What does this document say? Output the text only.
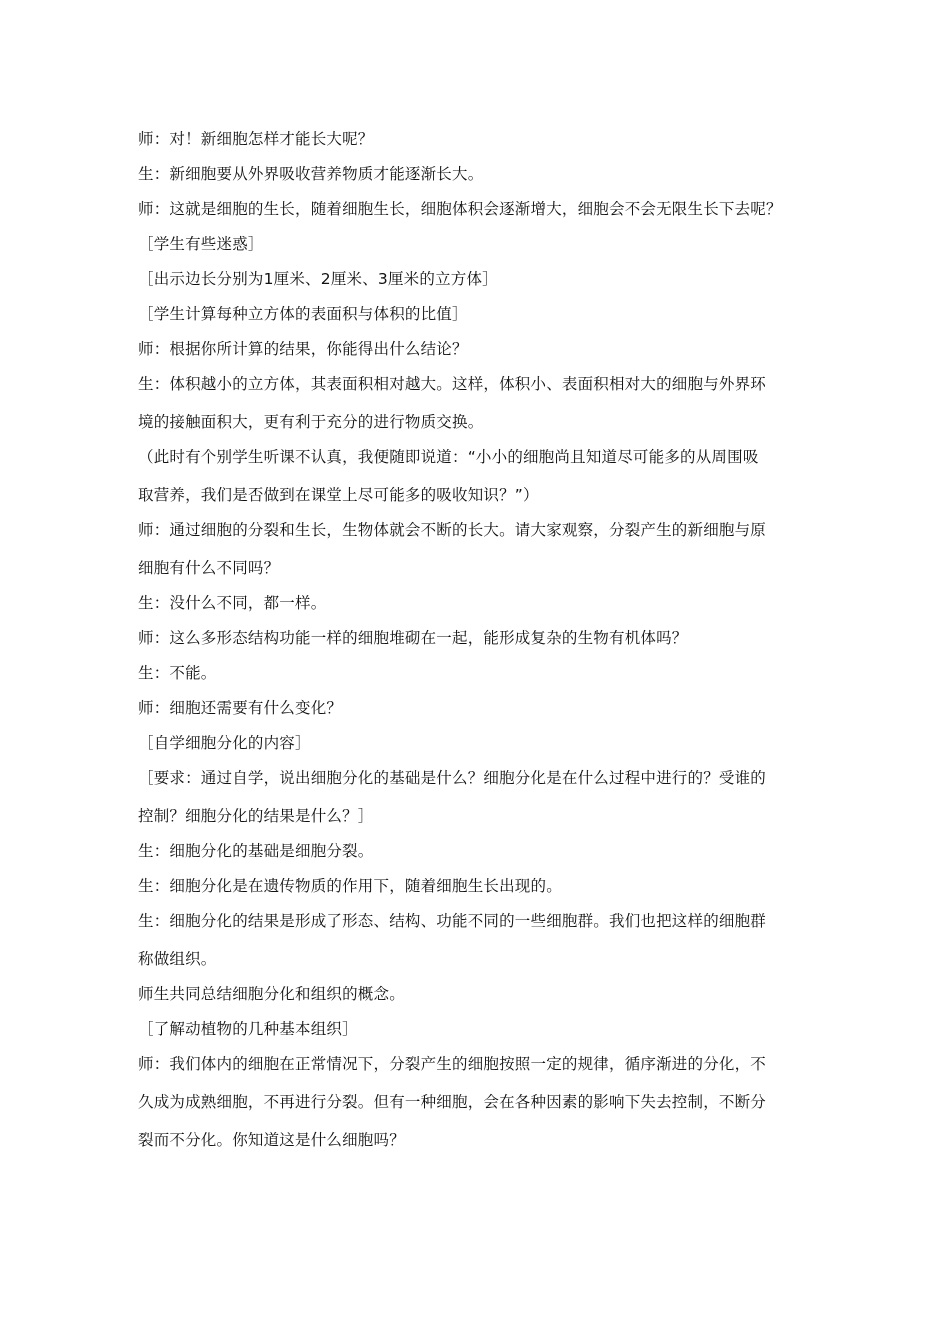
师：对！新细胞怎样才能长大呢？
生：新细胞要从外界吸收营养物质才能逐渐长大。
师：这就是细胞的生长，随着细胞生长，细胞体积会逐渐增大，细胞会不会无限生长下去呢？
［学生有些迷惑］
［出示边长分别为1厘米、2厘米、3厘米的立方体］
［学生计算每种立方体的表面积与体积的比值］
师：根据你所计算的结果，你能得出什么结论？
生：体积越小的立方体，其表面积相对越大。这样，体积小、表面积相对大的细胞与外界环
境的接触面积大，更有利于充分的进行物质交换。
（此时有个别学生听课不认真，我便随即说道：“小小的细胞尚且知道尽可能多的从周围吸
取营养，我们是否做到在课堂上尽可能多的吸收知识？”）
师：通过细胞的分裂和生长，生物体就会不断的长大。请大家观察，分裂产生的新细胞与原
细胞有什么不同吗？
生：没什么不同，都一样。
师：这么多形态结构功能一样的细胞堆砌在一起，能形成复杂的生物有机体吗？
生：不能。
师：细胞还需要有什么变化？
［自学细胞分化的内容］
［要求：通过自学，说出细胞分化的基础是什么？细胞分化是在什么过程中进行的？受谁的
控制？细胞分化的结果是什么？］
生：细胞分化的基础是细胞分裂。
生：细胞分化是在遗传物质的作用下，随着细胞生长出现的。
生：细胞分化的结果是形成了形态、结构、功能不同的一些细胞群。我们也把这样的细胞群
称做组织。
师生共同总结细胞分化和组织的概念。
［了解动植物的几种基本组织］
师：我们体内的细胞在正常情况下，分裂产生的细胞按照一定的规律，循序渐进的分化，不
久成为成熟细胞，不再进行分裂。但有一种细胞，会在各种因素的影响下失去控制，不断分
裂而不分化。你知道这是什么细胞吗？
